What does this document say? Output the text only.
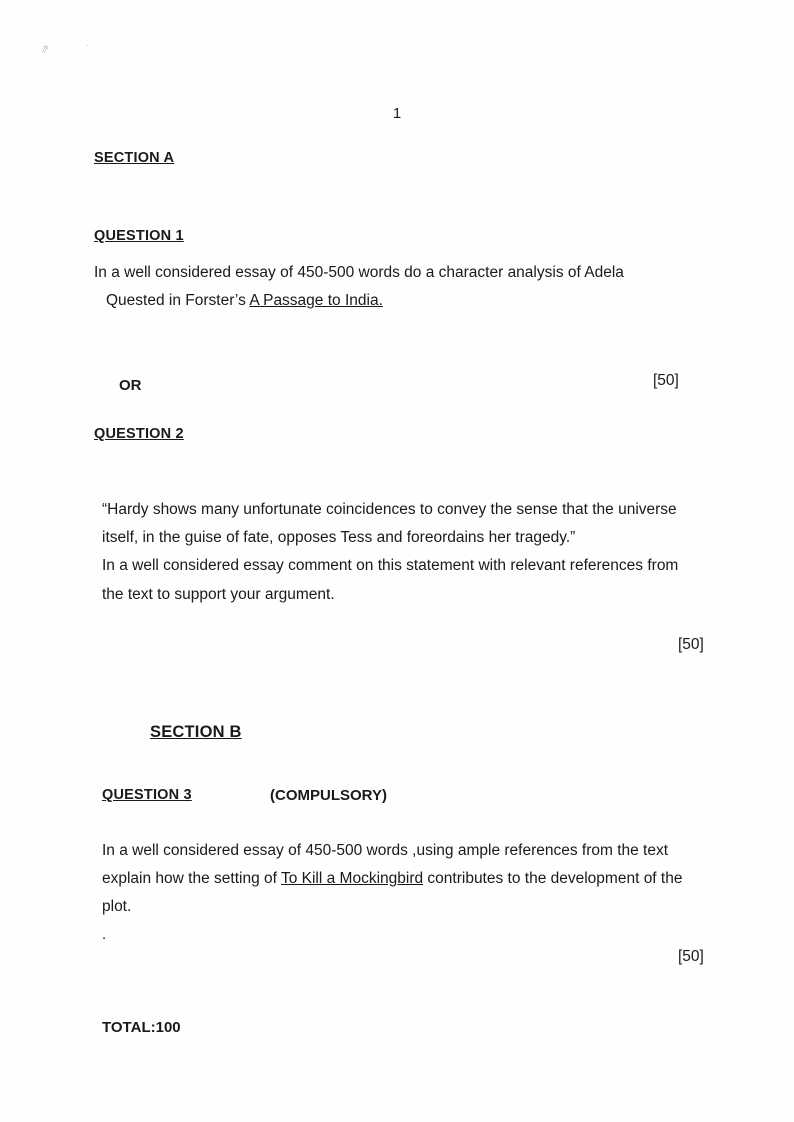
⇗	·	·
·
·
1
SECTION A
QUESTION 1
In a well considered essay of 450-500 words do a character analysis of Adela
Quested in Forster’s A Passage to India.
OR	[50]
QUESTION 2
“Hardy shows many unfortunate coincidences to convey the sense that the universe
itself, in the guise of fate, opposes Tess and foreordains her tragedy.”
In a well considered essay comment on this statement with relevant references from
the text to support your argument.
[50]
SECTION B
QUESTION 3	(COMPULSORY)
In a well considered essay of 450-500 words ,using ample references from the text
explain how the setting of To Kill a Mockingbird contributes to the development of the
plot.
.
[50]
TOTAL:100
